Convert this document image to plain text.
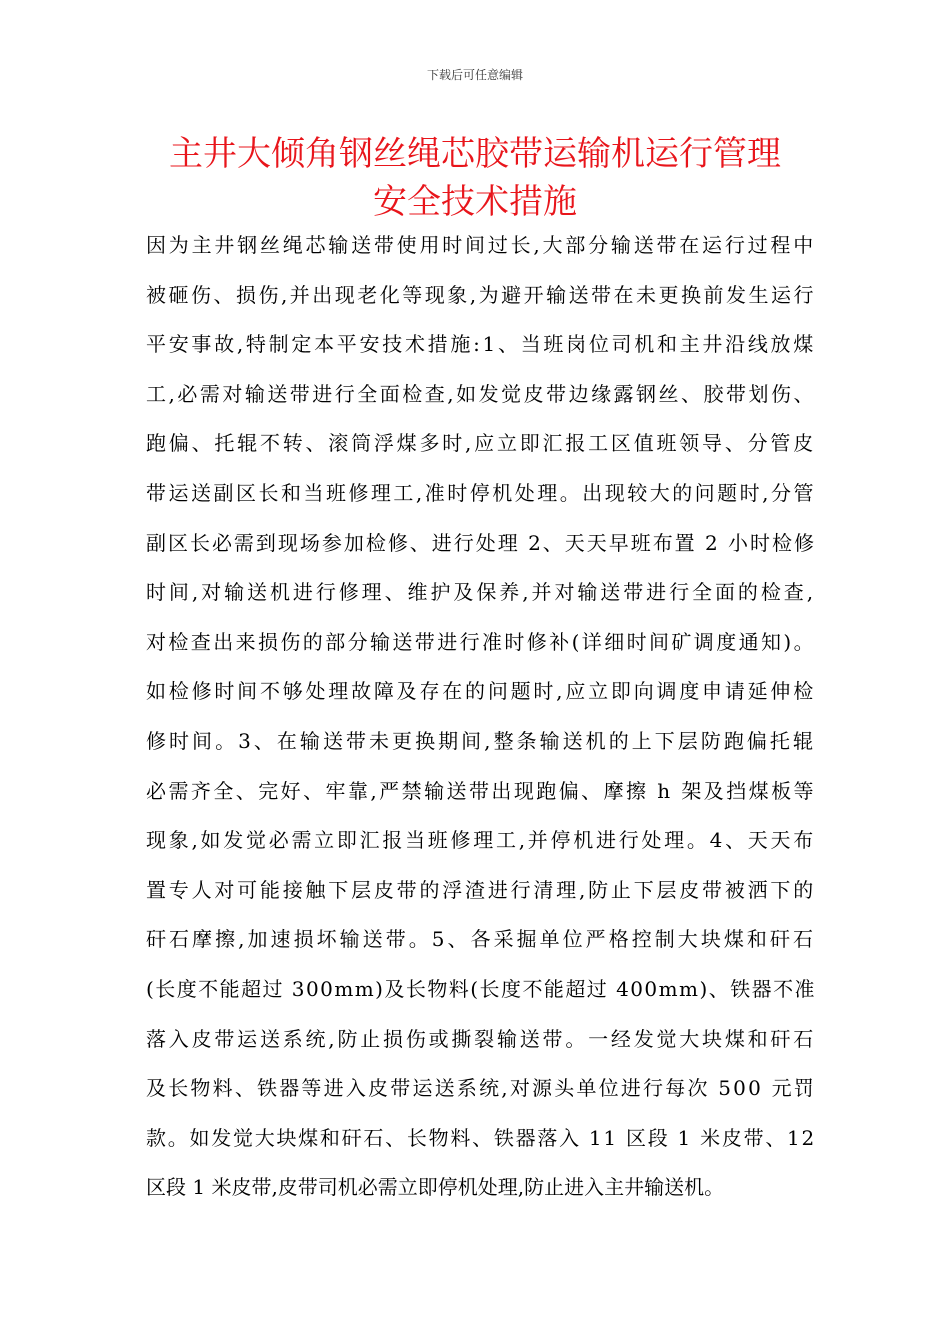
下载后可任意编辑
主井大倾角钢丝绳芯胶带运输机运行管理
安全技术措施
因为主井钢丝绳芯输送带使用时间过长,大部分输送带在运行过程中
被砸伤、损伤,并出现老化等现象,为避开输送带在未更换前发生运行
平安事故,特制定本平安技术措施:1、当班岗位司机和主井沿线放煤
工,必需对输送带进行全面检查,如发觉皮带边缘露钢丝、胶带划伤、
跑偏、托辊不转、滚筒浮煤多时,应立即汇报工区值班领导、分管皮
带运送副区长和当班修理工,准时停机处理。出现较大的问题时,分管
副区长必需到现场参加检修、进行处理 2、天天早班布置 2 小时检修
时间,对输送机进行修理、维护及保养,并对输送带进行全面的检查,
对检查出来损伤的部分输送带进行准时修补(详细时间矿调度通知)。
如检修时间不够处理故障及存在的问题时,应立即向调度申请延伸检
修时间。3、在输送带未更换期间,整条输送机的上下层防跑偏托辊
必需齐全、完好、牢靠,严禁输送带出现跑偏、摩擦 h 架及挡煤板等
现象,如发觉必需立即汇报当班修理工,并停机进行处理。4、天天布
置专人对可能接触下层皮带的浮渣进行清理,防止下层皮带被洒下的
矸石摩擦,加速损坏输送带。5、各采掘单位严格控制大块煤和矸石
(长度不能超过 300mm)及长物料(长度不能超过 400mm)、铁器不准
落入皮带运送系统,防止损伤或撕裂输送带。一经发觉大块煤和矸石
及长物料、铁器等进入皮带运送系统,对源头单位进行每次 500 元罚
款。如发觉大块煤和矸石、长物料、铁器落入 11 区段 1 米皮带、12
区段 1 米皮带,皮带司机必需立即停机处理,防止进入主井输送机。
